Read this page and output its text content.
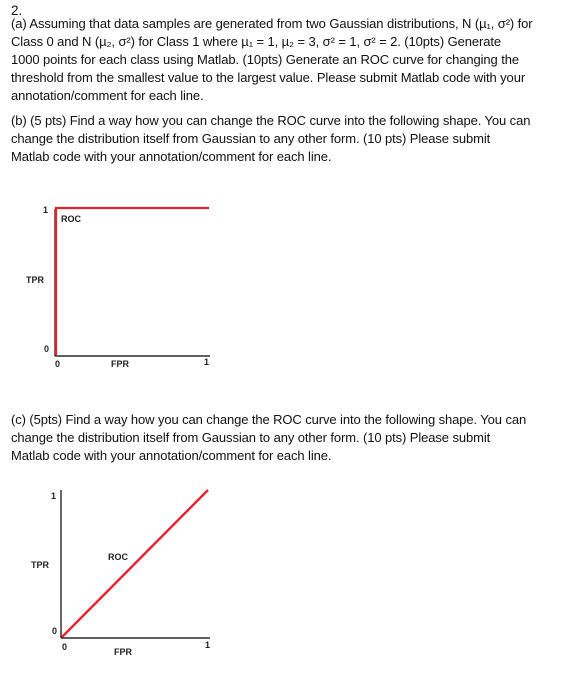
2.
(a) Assuming that data samples are generated from two Gaussian distributions, N (µ₁, σ²) for
Class 0 and N (µ₂, σ²) for Class 1 where µ₁ = 1, µ₂ = 3, σ² = 1, σ² = 2. (10pts) Generate
1000 points for each class using Matlab. (10pts) Generate an ROC curve for changing the
threshold from the smallest value to the largest value. Please submit Matlab code with your
annotation/comment for each line.
(b) (5 pts) Find a way how you can change the ROC curve into the following shape. You can
change the distribution itself from Gaussian to any other form. (10 pts) Please submit
Matlab code with your annotation/comment for each line.
ROC
1
TPR
0
0	FPR	1
(c) (5pts) Find a way how you can change the ROC curve into the following shape. You can
change the distribution itself from Gaussian to any other form. (10 pts) Please submit
Matlab code with your annotation/comment for each line.
1
ROC
TPR
0
0	FPR
1
